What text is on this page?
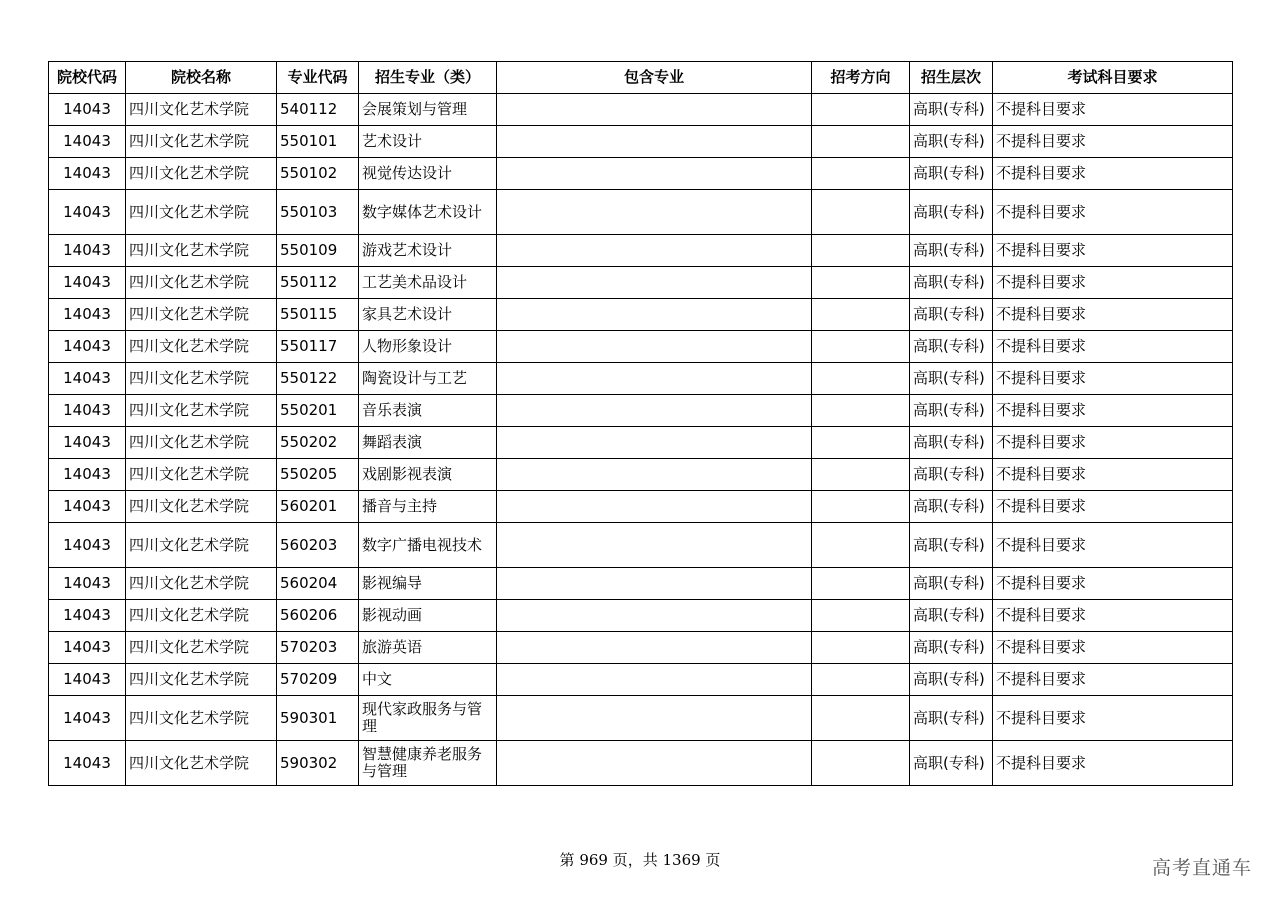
院校代码	院校名称	专业代码	招生专业（类）	包含专业	招考方向	招生层次	考试科目要求
14043	四川文化艺术学院	540112	会展策划与管理			高职(专科)	不提科目要求
14043	四川文化艺术学院	550101	艺术设计			高职(专科)	不提科目要求
14043	四川文化艺术学院	550102	视觉传达设计			高职(专科)	不提科目要求
14043	四川文化艺术学院	550103	数字媒体艺术设计			高职(专科)	不提科目要求
14043	四川文化艺术学院	550109	游戏艺术设计			高职(专科)	不提科目要求
14043	四川文化艺术学院	550112	工艺美术品设计			高职(专科)	不提科目要求
14043	四川文化艺术学院	550115	家具艺术设计			高职(专科)	不提科目要求
14043	四川文化艺术学院	550117	人物形象设计			高职(专科)	不提科目要求
14043	四川文化艺术学院	550122	陶瓷设计与工艺			高职(专科)	不提科目要求
14043	四川文化艺术学院	550201	音乐表演			高职(专科)	不提科目要求
14043	四川文化艺术学院	550202	舞蹈表演			高职(专科)	不提科目要求
14043	四川文化艺术学院	550205	戏剧影视表演			高职(专科)	不提科目要求
14043	四川文化艺术学院	560201	播音与主持			高职(专科)	不提科目要求
14043	四川文化艺术学院	560203	数字广播电视技术			高职(专科)	不提科目要求
14043	四川文化艺术学院	560204	影视编导			高职(专科)	不提科目要求
14043	四川文化艺术学院	560206	影视动画			高职(专科)	不提科目要求
14043	四川文化艺术学院	570203	旅游英语			高职(专科)	不提科目要求
14043	四川文化艺术学院	570209	中文			高职(专科)	不提科目要求
14043	四川文化艺术学院	590301	现代家政服务与管理			高职(专科)	不提科目要求
14043	四川文化艺术学院	590302	智慧健康养老服务与管理			高职(专科)	不提科目要求
第 969 页，共 1369 页	高考直通车
